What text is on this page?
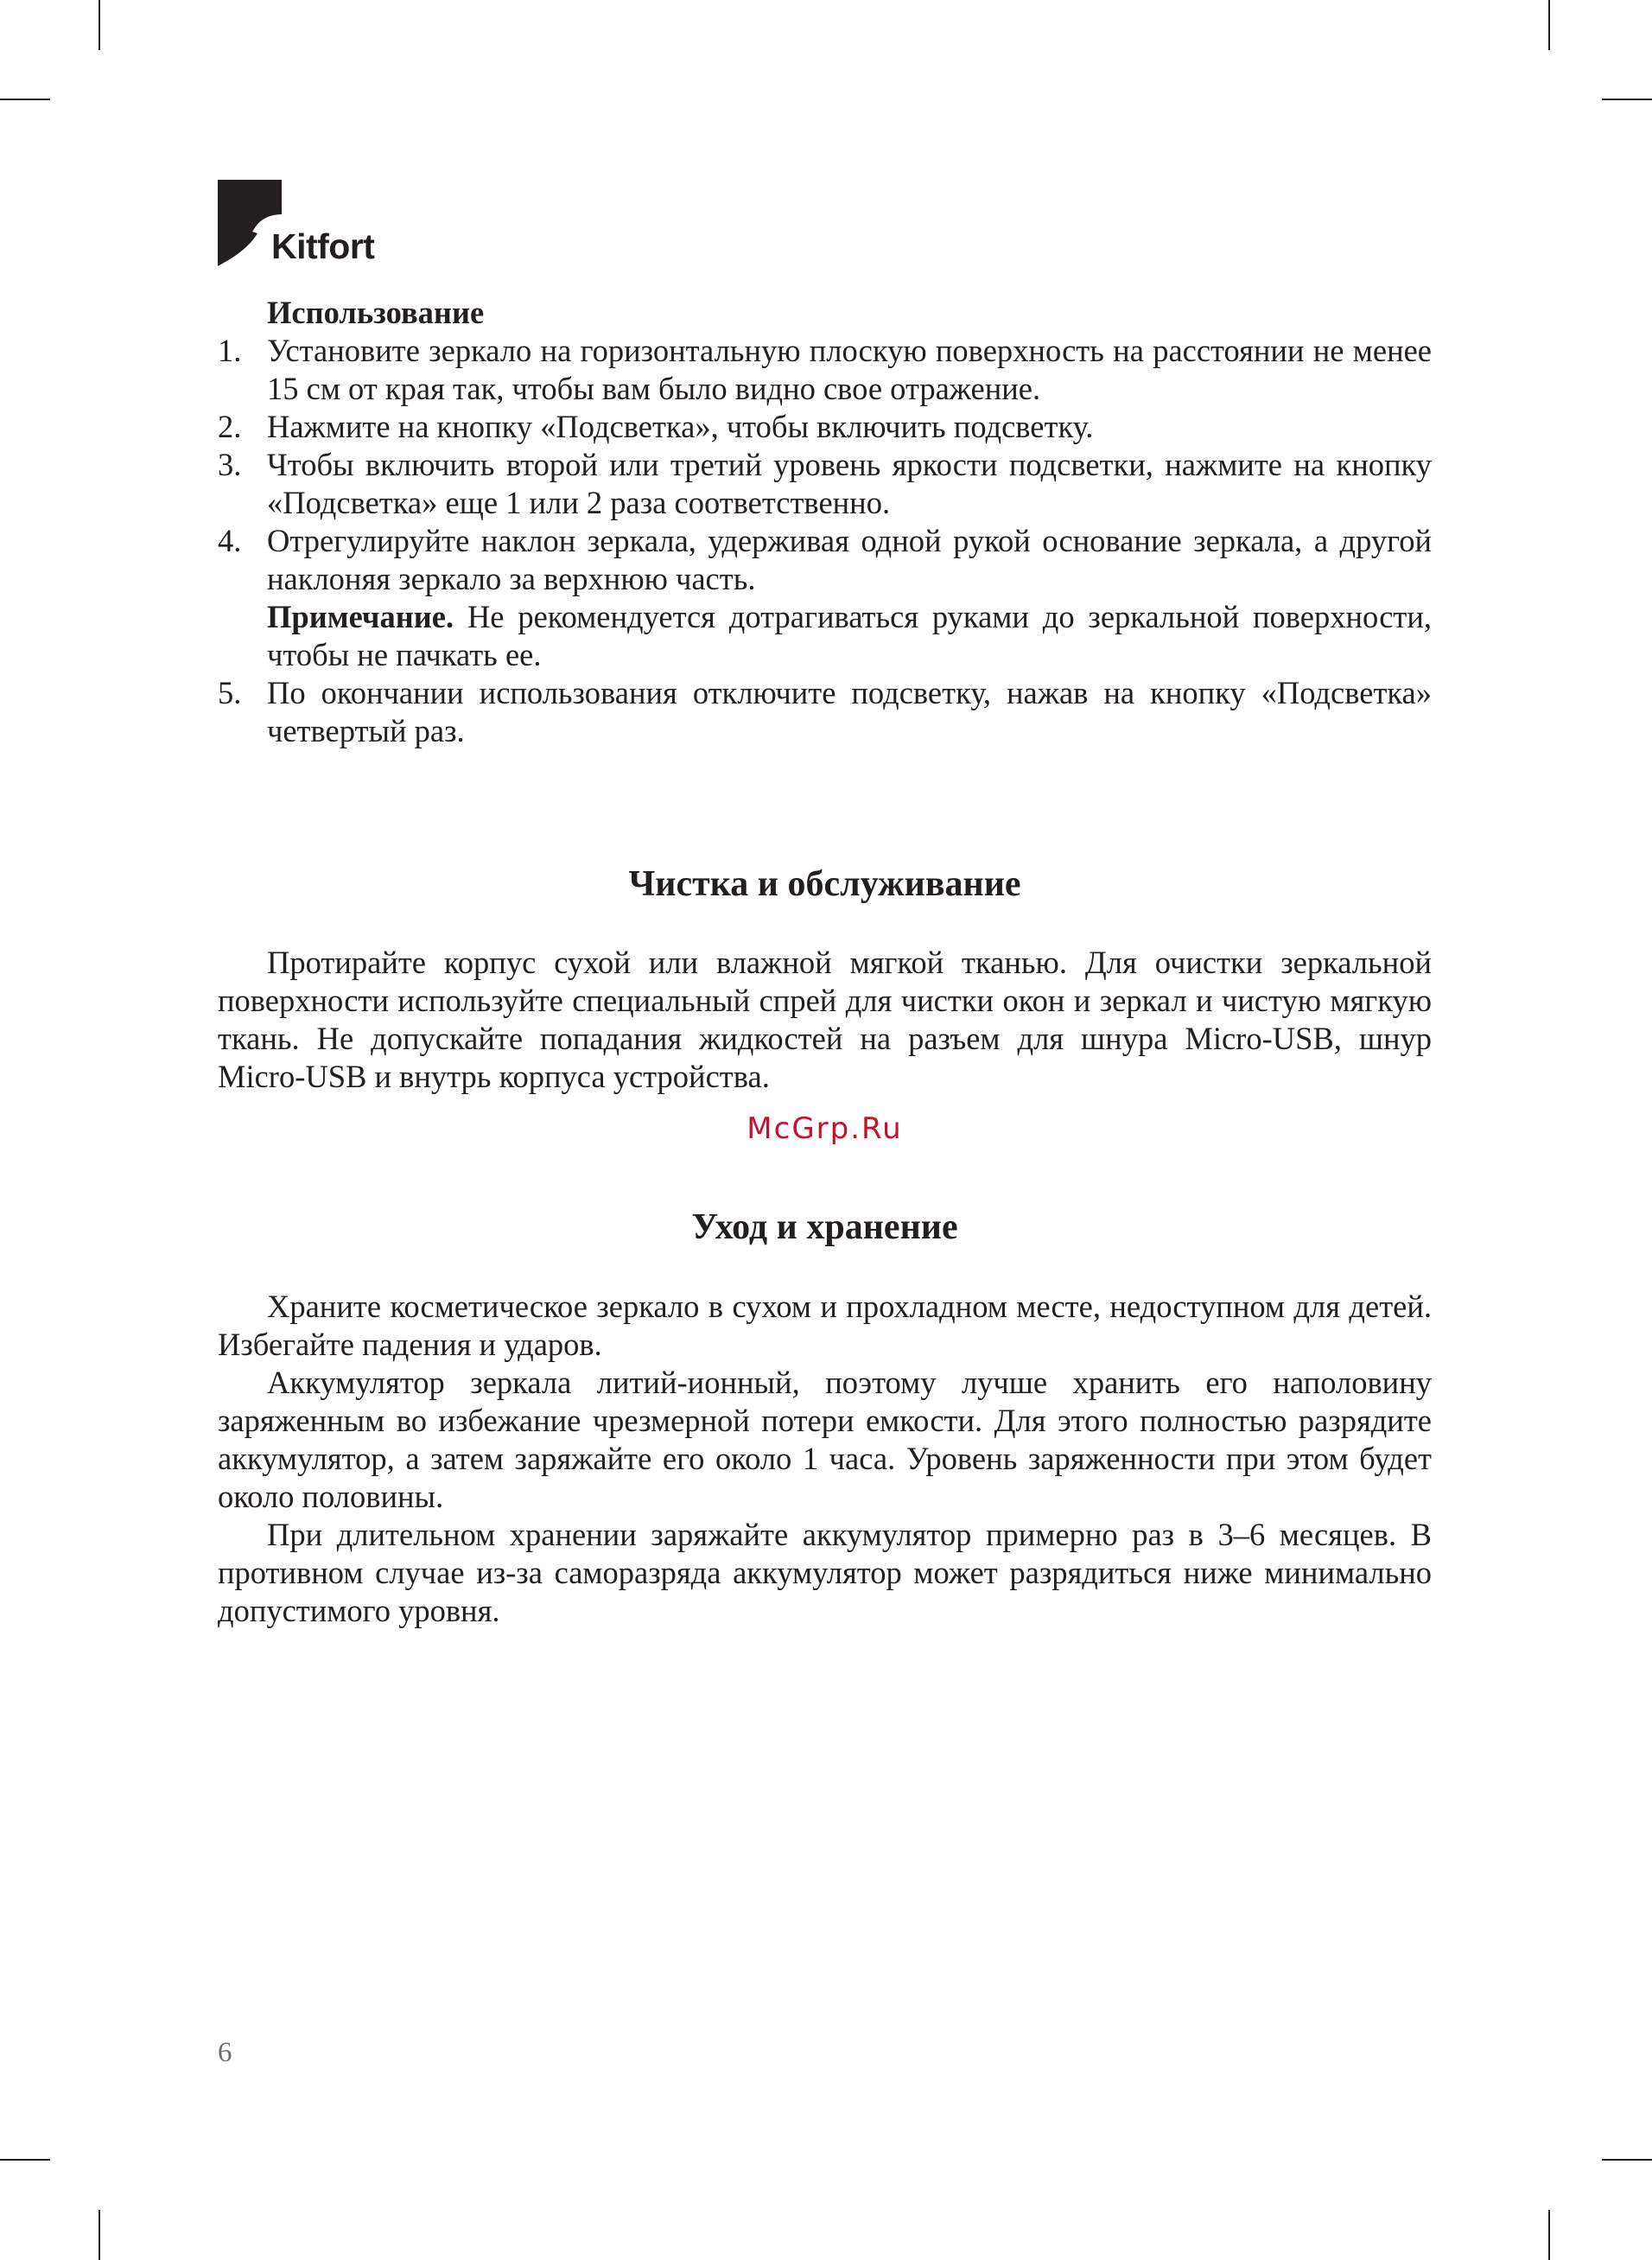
Kitfort
Использование
1. Установите зеркало на горизонтальную плоскую поверхность на расстоянии не менее 15 см от края так, чтобы вам было видно свое отражение.
2. Нажмите на кнопку «Подсветка», чтобы включить подсветку.
3. Чтобы включить второй или третий уровень яркости подсветки, нажмите на кнопку «Подсветка» еще 1 или 2 раза соответственно.
4. Отрегулируйте наклон зеркала, удерживая одной рукой основание зеркала, а другой наклоняя зеркало за верхнюю часть.
Примечание. Не рекомендуется дотрагиваться руками до зеркальной поверхности, чтобы не пачкать ее.
5. По окончании использования отключите подсветку, нажав на кнопку «Подсветка» четвертый раз.
Чистка и обслуживание

Протирайте корпус сухой или влажной мягкой тканью. Для очистки зеркальной поверхности используйте специальный спрей для чистки окон и зеркал и чистую мягкую ткань. Не допускайте попадания жидкостей на разъем для шнура Micro-USB, шнур Micro-USB и внутрь корпуса устройства.

McGrp.Ru
Уход и хранение

Храните косметическое зеркало в сухом и прохладном месте, недоступном для детей. Избегайте падения и ударов.

Аккумулятор зеркала литий-ионный, поэтому лучше хранить его наполовину заряженным во избежание чрезмерной потери емкости. Для этого полностью разрядите аккумулятор, а затем заряжайте его около 1 часа. Уровень заряженности при этом будет около половины.

При длительном хранении заряжайте аккумулятор примерно раз в 3–6 месяцев. В противном случае из-за саморазряда аккумулятор может разрядиться ниже минимально допустимого уровня.

6
